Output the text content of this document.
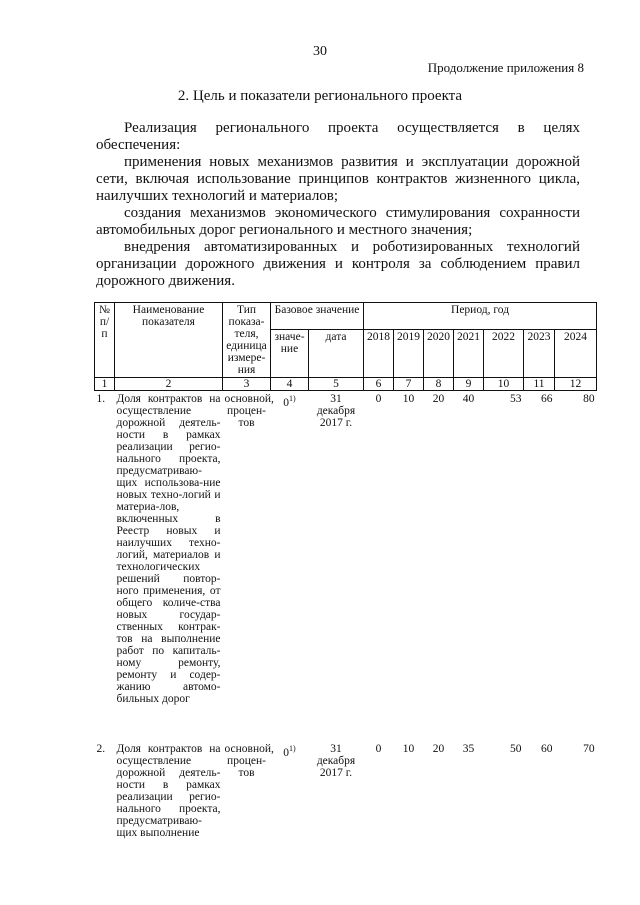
30
Продолжение приложения 8
2. Цель и показатели регионального проекта

Реализация регионального проекта осуществляется в целях обеспечения:

применения новых механизмов развития и эксплуатации дорожной сети, включая использование принципов контрактов жизненного цикла, наилучших технологий и материалов;

создания механизмов экономического стимулирования сохранности автомобильных дорог регионального и местного значения;

внедрения автоматизированных и роботизированных технологий организации дорожного движения и контроля за соблюдением правил дорожного движения.

№ п/п	Наименование показателя	Тип показа-теля, единица измере-ния	Базовое значение		Период, год						
			значе-ние	дата	2018	2019	2020	2021	2022	2023	2024
1	2	3	4	5	6	7	8	9	10	11	12
1.	Доля контрактов на осуществление дорожной деятель-ности в рамках реализации регио-нального проекта, предусматриваю-щих использова-ние новых техно-логий и материа-лов, включенных в Реестр новых и наилучших техно-логий, материалов и технологических решений повтор-ного применения, от общего количе-ства новых государ-ственных контрак-тов на выполнение работ по капиталь-ному ремонту, ремонту и содер-жанию автомо-бильных дорог	основной, процен-тов	0$^{1)}$	31 декабря 2017 г.	0	10	20	40	53	66	80
2.	Доля контрактов на осуществление дорожной деятель-ности в рамках реализации регио-нального проекта, предусматриваю-щих выполнение	основной, процен-тов	0$^{1)}$	31 декабря 2017 г.	0	10	20	35	50	60	70
